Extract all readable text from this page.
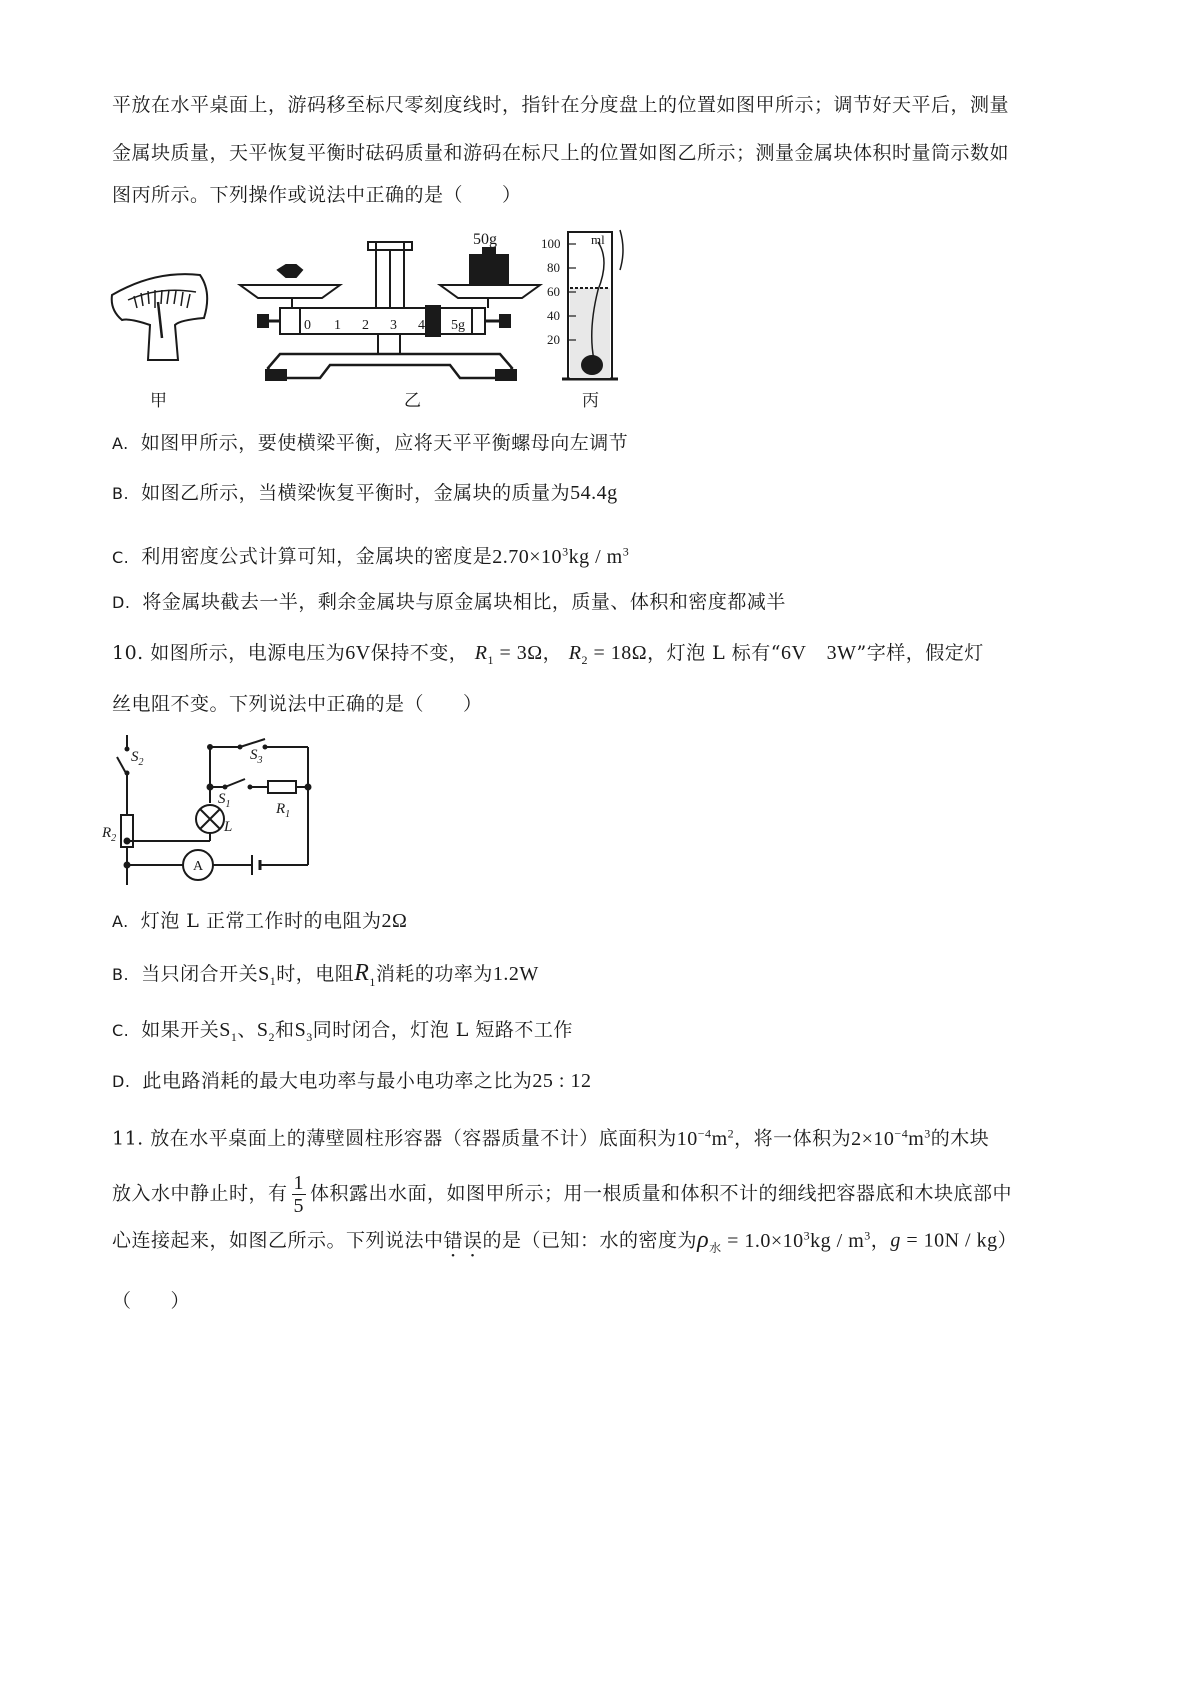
平放在水平桌面上，游码移至标尺零刻度线时，指针在分度盘上的位置如图甲所示；调节好天平后，测量
金属块质量，天平恢复平衡时砝码质量和游码在标尺上的位置如图乙所示；测量金属块体积时量筒示数如
图丙所示。下列操作或说法中正确的是（　　）
50g
0 1 2 3 4 5g
ml
100
80
60
40
20
甲	乙	丙
A. 如图甲所示，要使横梁平衡，应将天平平衡螺母向左调节
B. 如图乙所示，当横梁恢复平衡时，金属块的质量为54.4g
C. 利用密度公式计算可知，金属块的密度是$2.70\times 10^3kg / m^3$
D. 将金属块截去一半，剩余金属块与原金属块相比，质量、体积和密度都减半
10. 如图所示，电源电压为6V保持不变， $R_1 = 3\Omega$， $R_2 = 18\Omega$，灯泡 L 标有“6V　3W”字样，假定灯
丝电阻不变。下列说法中正确的是（　　）
$S_2$	$S_3$
$S_1$
$R_2$
$R_1$
L
A
A. 灯泡 L 正常工作时的电阻为2Ω
B. 当只闭合开关$S_1$时，电阻$R_1$消耗的功率为1.2W
C. 如果开关$S_1$、$S_2$和$S_3$同时闭合，灯泡 L 短路不工作
D. 此电路消耗的最大电功率与最小电功率之比为25 : 12
11. 放在水平桌面上的薄壁圆柱形容器（容器质量不计）底面积为$10^{-4}m^2$，将一体积为$2\times 10^{-4}m^3$的木块
放入水中静止时，有 $\frac{1}{5}$ 体积露出水面，如图甲所示；用一根质量和体积不计的细线把容器底和木块底部中
心连接起来，如图乙所示。下列说法中错误的是（已知：水的密度为$\rho_水 = 1.0\times 10^3kg / m^3$，g = 10N / kg）
（　　）
